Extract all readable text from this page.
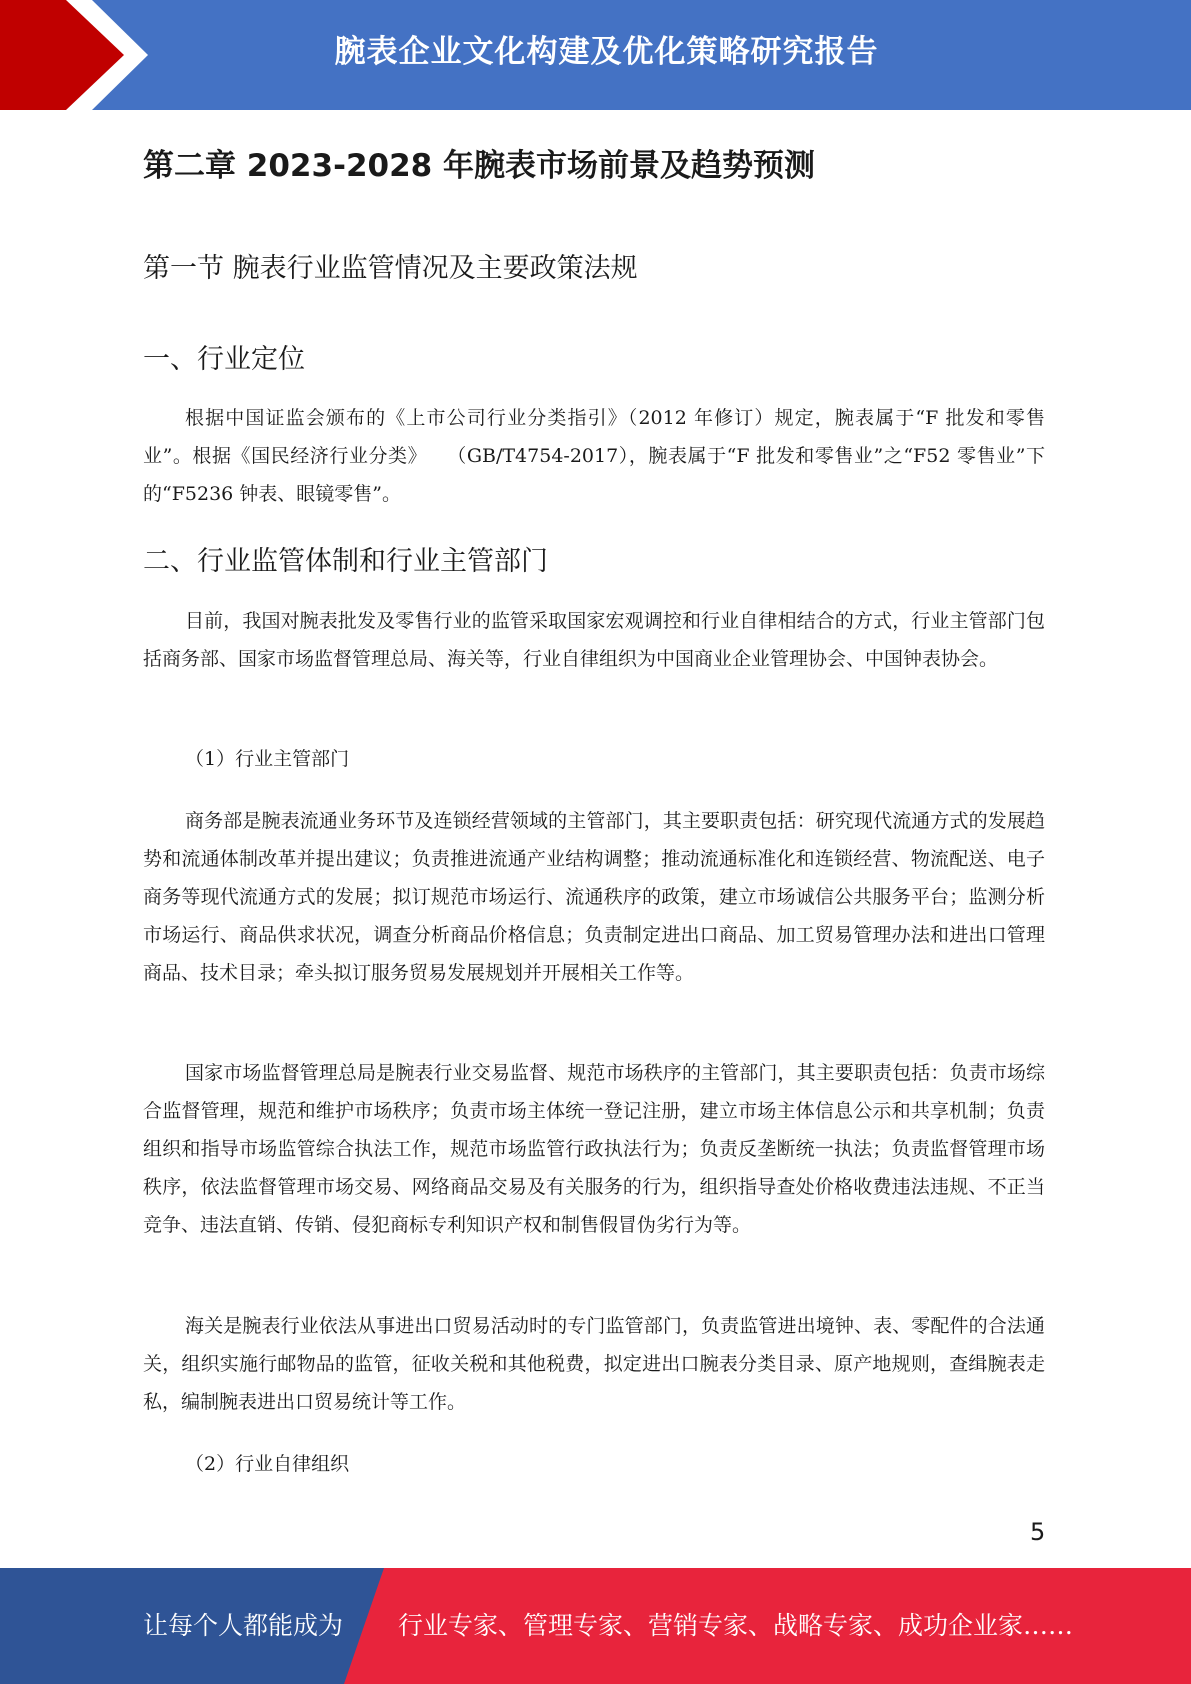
腕表企业文化构建及优化策略研究报告
第二章 2023-2028 年腕表市场前景及趋势预测
第一节 腕表行业监管情况及主要政策法规
一、行业定位

根据中国证监会颁布的《上市公司行业分类指引》（2012 年修订）规定，腕表属于“F 批发和零售业”。根据《国民经济行业分类》　　（GB/T4754-2017），腕表属于“F 批发和零售业”之“F52 零售业”下的“F5236 钟表、眼镜零售”。

二、行业监管体制和行业主管部门

目前，我国对腕表批发及零售行业的监管采取国家宏观调控和行业自律相结合的方式，行业主管部门包括商务部、国家市场监督管理总局、海关等，行业自律组织为中国商业企业管理协会、中国钟表协会。

（1）行业主管部门

商务部是腕表流通业务环节及连锁经营领域的主管部门，其主要职责包括：研究现代流通方式的发展趋势和流通体制改革并提出建议；负责推进流通产业结构调整；推动流通标准化和连锁经营、物流配送、电子商务等现代流通方式的发展；拟订规范市场运行、流通秩序的政策，建立市场诚信公共服务平台；监测分析市场运行、商品供求状况，调查分析商品价格信息；负责制定进出口商品、加工贸易管理办法和进出口管理商品、技术目录；牵头拟订服务贸易发展规划并开展相关工作等。

国家市场监督管理总局是腕表行业交易监督、规范市场秩序的主管部门，其主要职责包括：负责市场综合监督管理，规范和维护市场秩序；负责市场主体统一登记注册，建立市场主体信息公示和共享机制；负责组织和指导市场监管综合执法工作，规范市场监管行政执法行为；负责反垄断统一执法；负责监督管理市场秩序，依法监督管理市场交易、网络商品交易及有关服务的行为，组织指导查处价格收费违法违规、不正当竞争、违法直销、传销、侵犯商标专利知识产权和制售假冒伪劣行为等。

海关是腕表行业依法从事进出口贸易活动时的专门监管部门，负责监管进出境钟、表、零配件的合法通关，组织实施行邮物品的监管，征收关税和其他税费，拟定进出口腕表分类目录、原产地规则，查缉腕表走私，编制腕表进出口贸易统计等工作。

（2）行业自律组织
5
让每个人都能成为 行业专家、管理专家、营销专家、战略专家、成功企业家……
